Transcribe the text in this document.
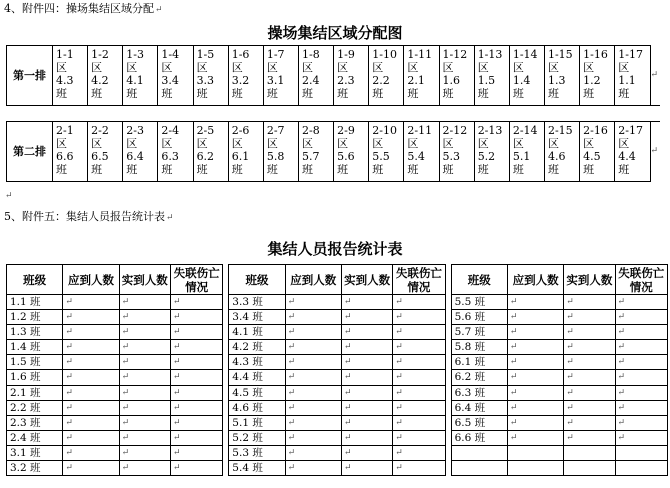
4、附件四：操场集结区域分配↵
操场集结区域分配图
第一排	1-1 区 4.3 班	1-2 区 4.2 班	1-3 区 4.1 班	1-4 区 3.4 班	1-5 区 3.3 班	1-6 区 3.2 班	1-7 区 3.1 班	1-8 区 2.4 班	1-9 区 2.3 班	1-10 区 2.2 班	1-11 区 2.1 班	1-12 区 1.6 班	1-13 区 1.5 班	1-14 区 1.4 班	1-15 区 1.3 班	1-16 区 1.2 班	1-17 区 1.1 班	↵

第二排	2-1 区 6.6 班	2-2 区 6.5 班	2-3 区 6.4 班	2-4 区 6.3 班	2-5 区 6.2 班	2-6 区 6.1 班	2-7 区 5.8 班	2-8 区 5.7 班	2-9 区 5.6 班	2-10 区 5.5 班	2-11 区 5.4 班	2-12 区 5.3 班	2-13 区 5.2 班	2-14 区 5.1 班	2-15 区 4.6 班	2-16 区 4.5 班	2-17 区 4.4 班	↵
↵
5、附件五：集结人员报告统计表↵
集结人员报告统计表
班级	应到人数	实到人数	失联伤亡情况		班级	应到人数	实到人数	失联伤亡情况		班级	应到人数	实到人数	失联伤亡情况
1.1 班	↵	↵	↵		3.3 班	↵	↵	↵		5.5 班	↵	↵	↵
1.2 班	↵	↵	↵		3.4 班	↵	↵	↵		5.6 班	↵	↵	↵
1.3 班	↵	↵	↵		4.1 班	↵	↵	↵		5.7 班	↵	↵	↵
1.4 班	↵	↵	↵		4.2 班	↵	↵	↵		5.8 班	↵	↵	↵
1.5 班	↵	↵	↵		4.3 班	↵	↵	↵		6.1 班	↵	↵	↵
1.6 班	↵	↵	↵		4.4 班	↵	↵	↵		6.2 班	↵	↵	↵
2.1 班	↵	↵	↵		4.5 班	↵	↵	↵		6.3 班	↵	↵	↵
2.2 班	↵	↵	↵		4.6 班	↵	↵	↵		6.4 班	↵	↵	↵
2.3 班	↵	↵	↵		5.1 班	↵	↵	↵		6.5 班	↵	↵	↵
2.4 班	↵	↵	↵		5.2 班	↵	↵	↵		6.6 班	↵	↵	↵
3.1 班	↵	↵	↵		5.3 班	↵	↵	↵					
3.2 班	↵	↵	↵		5.4 班	↵	↵	↵					
